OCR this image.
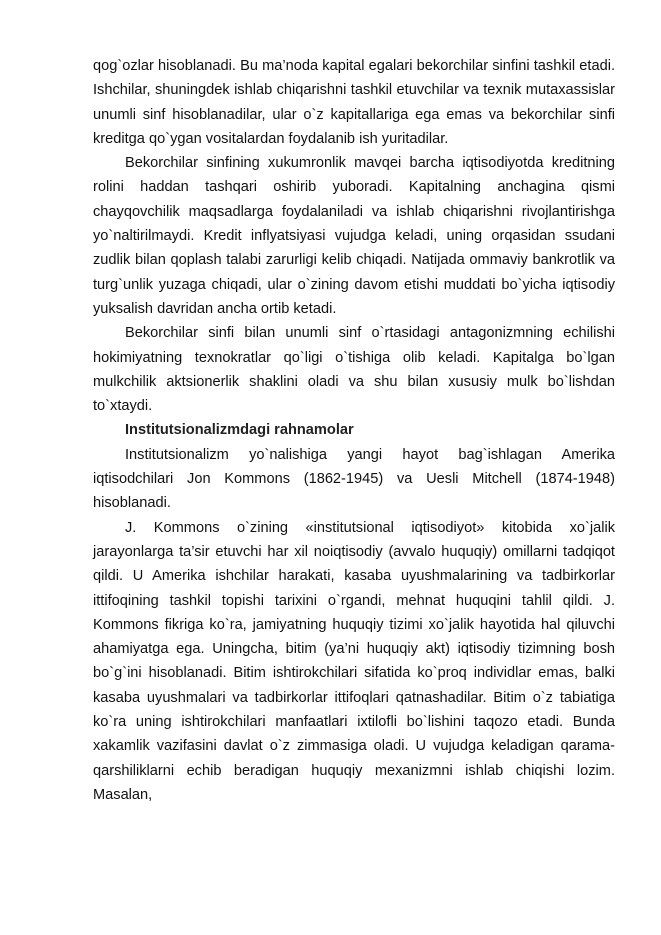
qog`ozlar hisoblanadi. Bu ma’noda kapital egalari bekorchilar sinfini tashkil etadi. Ishchilar, shuningdek ishlab chiqarishni tashkil etuvchilar va texnik mutaxassislar unumli sinf hisoblanadilar, ular o`z kapitallariga ega emas va bekorchilar sinfi kreditga qo`ygan vositalardan foydalanib ish yuritadilar.

Bekorchilar sinfining xukumronlik mavqei barcha iqtisodiyotda kreditning rolini haddan tashqari oshirib yuboradi. Kapitalning anchagina qismi chayqovchilik maqsadlarga foydalaniladi va ishlab chiqarishni rivojlantirishga yo`naltirilmaydi. Kredit inflyatsiyasi vujudga keladi, uning orqasidan ssudani zudlik bilan qoplash talabi zarurligi kelib chiqadi. Natijada ommaviy bankrotlik va turg`unlik yuzaga chiqadi, ular o`zining davom etishi muddati bo`yicha iqtisodiy yuksalish davridan ancha ortib ketadi.

Bekorchilar sinfi bilan unumli sinf o`rtasidagi antagonizmning echilishi hokimiyatning texnokratlar qo`ligi o`tishiga olib keladi. Kapitalga bo`lgan mulkchilik aktsionerlik shaklini oladi va shu bilan xususiy mulk bo`lishdan to`xtaydi.

Institutsionalizmdagi rahnamolar

Institutsionalizm yo`nalishiga yangi hayot bag`ishlagan Amerika iqtisodchilari Jon Kommons (1862-1945) va Uesli Mitchell (1874-1948) hisoblanadi.

J. Kommons o`zining «institutsional iqtisodiyot» kitobida xo`jalik jarayonlarga ta’sir etuvchi har xil noiqtisodiy (avvalo huquqiy) omillarni tadqiqot qildi. U Amerika ishchilar harakati, kasaba uyushmalarining va tadbirkorlar ittifoqining tashkil topishi tarixini o`rgandi, mehnat huquqini tahlil qildi. J. Kommons fikriga ko`ra, jamiyatning huquqiy tizimi xo`jalik hayotida hal qiluvchi ahamiyatga ega. Uningcha, bitim (ya’ni huquqiy akt) iqtisodiy tizimning bosh bo`g`ini hisoblanadi. Bitim ishtirokchilari sifatida ko`proq individlar emas, balki kasaba uyushmalari va tadbirkorlar ittifoqlari qatnashadilar. Bitim o`z tabiatiga ko`ra uning ishtirokchilari manfaatlari ixtilofli bo`lishini taqozo etadi. Bunda xakamlik vazifasini davlat o`z zimmasiga oladi. U vujudga keladigan qarama-qarshiliklarni echib beradigan huquqiy mexanizmni ishlab chiqishi lozim. Masalan,
